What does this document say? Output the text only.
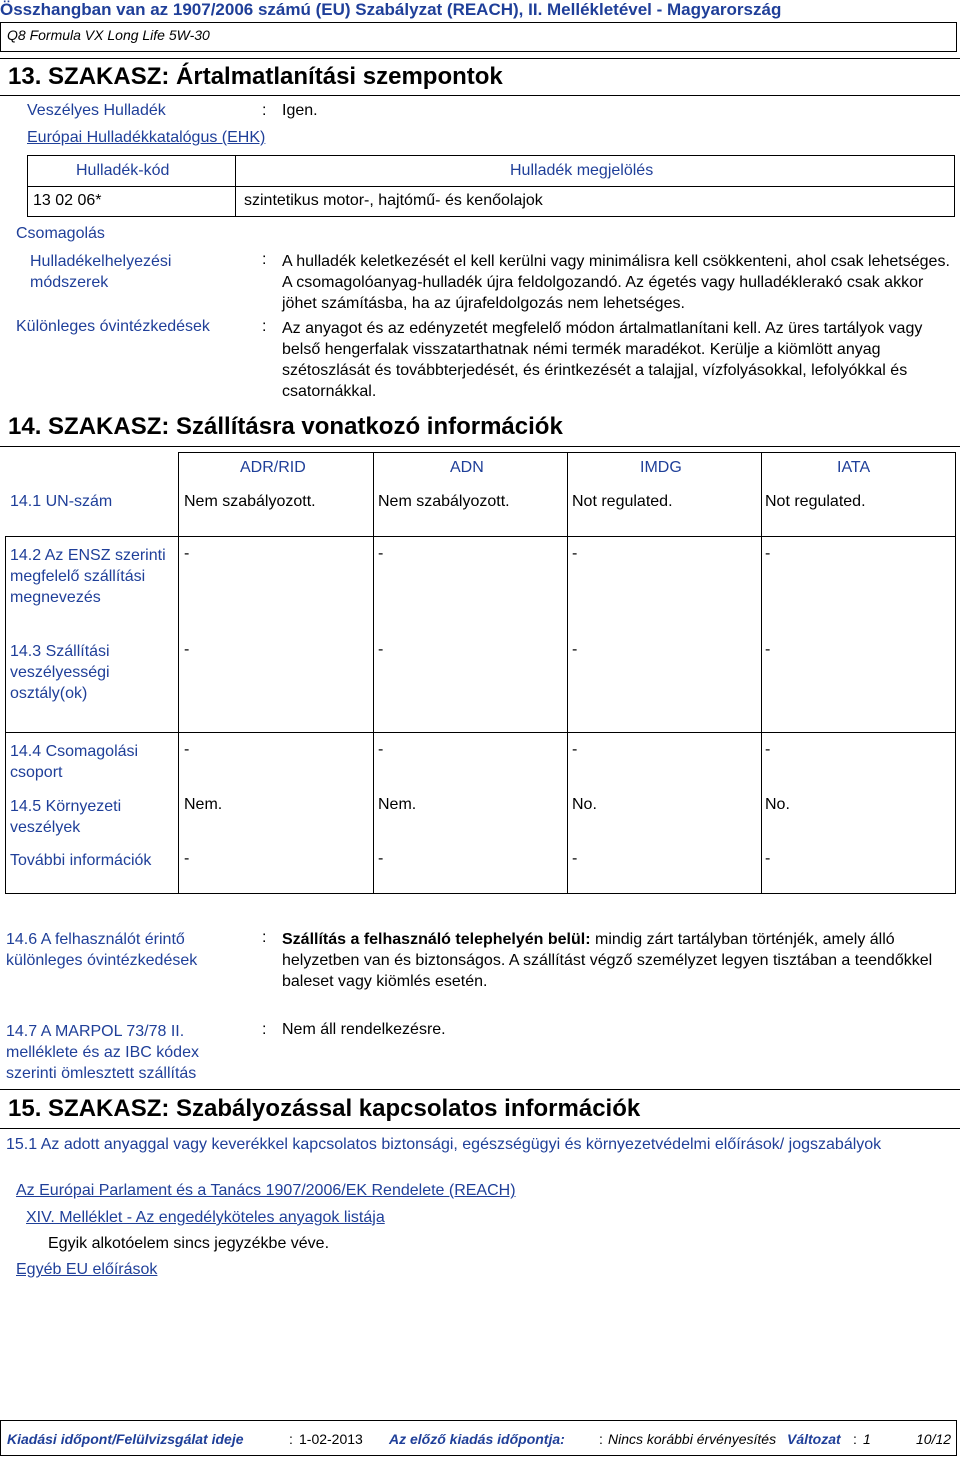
Összhangban van az 1907/2006 számú (EU) Szabályzat (REACH), II. Mellékletével - Magyarország
Q8 Formula VX Long Life 5W-30
13. SZAKASZ: Ártalmatlanítási szempontok
Veszélyes Hulladék	: Igen.
Európai Hulladékkatalógus (EHK)
Hulladék-kód	Hulladék megjelölés
13 02 06*	szintetikus motor-, hajtómű- és kenőolajok
Csomagolás
Hulladékelhelyezési
módszerek
: A hulladék keletkezését el kell kerülni vagy minimálisra kell csökkenteni, ahol csak lehetséges. A csomagolóanyag-hulladék újra feldolgozandó. Az égetés vagy hulladéklerakó csak akkor jöhet számításba, ha az újrafeldolgozás nem lehetséges.
Különleges óvintézkedések	: Az anyagot és az edényzetét megfelelő módon ártalmatlanítani kell. Az üres tartályok vagy belső hengerfalak visszatarthatnak némi termék maradékot. Kerülje a kiömlött anyag szétoszlását és továbbterjedését, és érintkezését a talajjal, vízfolyásokkal, lefolyókkal és csatornákkal.
14. SZAKASZ: Szállításra vonatkozó információk
ADR/RID	ADN	IMDG	IATA
14.1 UN-szám	Nem szabályozott.	Nem szabályozott.	Not regulated.	Not regulated.
14.2 Az ENSZ szerinti megfelelő szállítási megnevezés
-	-	-	-
14.3 Szállítási veszélyességi osztály(ok)
-	-	-	-
14.4 Csomagolási csoport
-	-	-	-
14.5 Környezeti veszélyek
Nem.	Nem.	No.	No.
További információk	-	-	-	-
14.6 A felhasználót érintő különleges óvintézkedések
: Szállítás a felhasználó telephelyén belül: mindig zárt tartályban történjék, amely álló helyzetben van és biztonságos. A szállítást végző személyzet legyen tisztában a teendőkkel baleset vagy kiömlés esetén.
14.7 A MARPOL 73/78 II. melléklete és az IBC kódex szerinti ömlesztett szállítás
: Nem áll rendelkezésre.
15. SZAKASZ: Szabályozással kapcsolatos információk
15.1 Az adott anyaggal vagy keverékkel kapcsolatos biztonsági, egészségügyi és környezetvédelmi előírások/ jogszabályok
Az Európai Parlament és a Tanács 1907/2006/EK Rendelete (REACH)
XIV. Melléklet - Az engedélyköteles anyagok listája
Egyik alkotóelem sincs jegyzékbe véve.
Egyéb EU előírások
Kiadási időpont/Felülvizsgálat ideje	: 1-02-2013 Az előző kiadás időpontja: : Nincs korábbi érvényesítés Változat : 1	10/12
